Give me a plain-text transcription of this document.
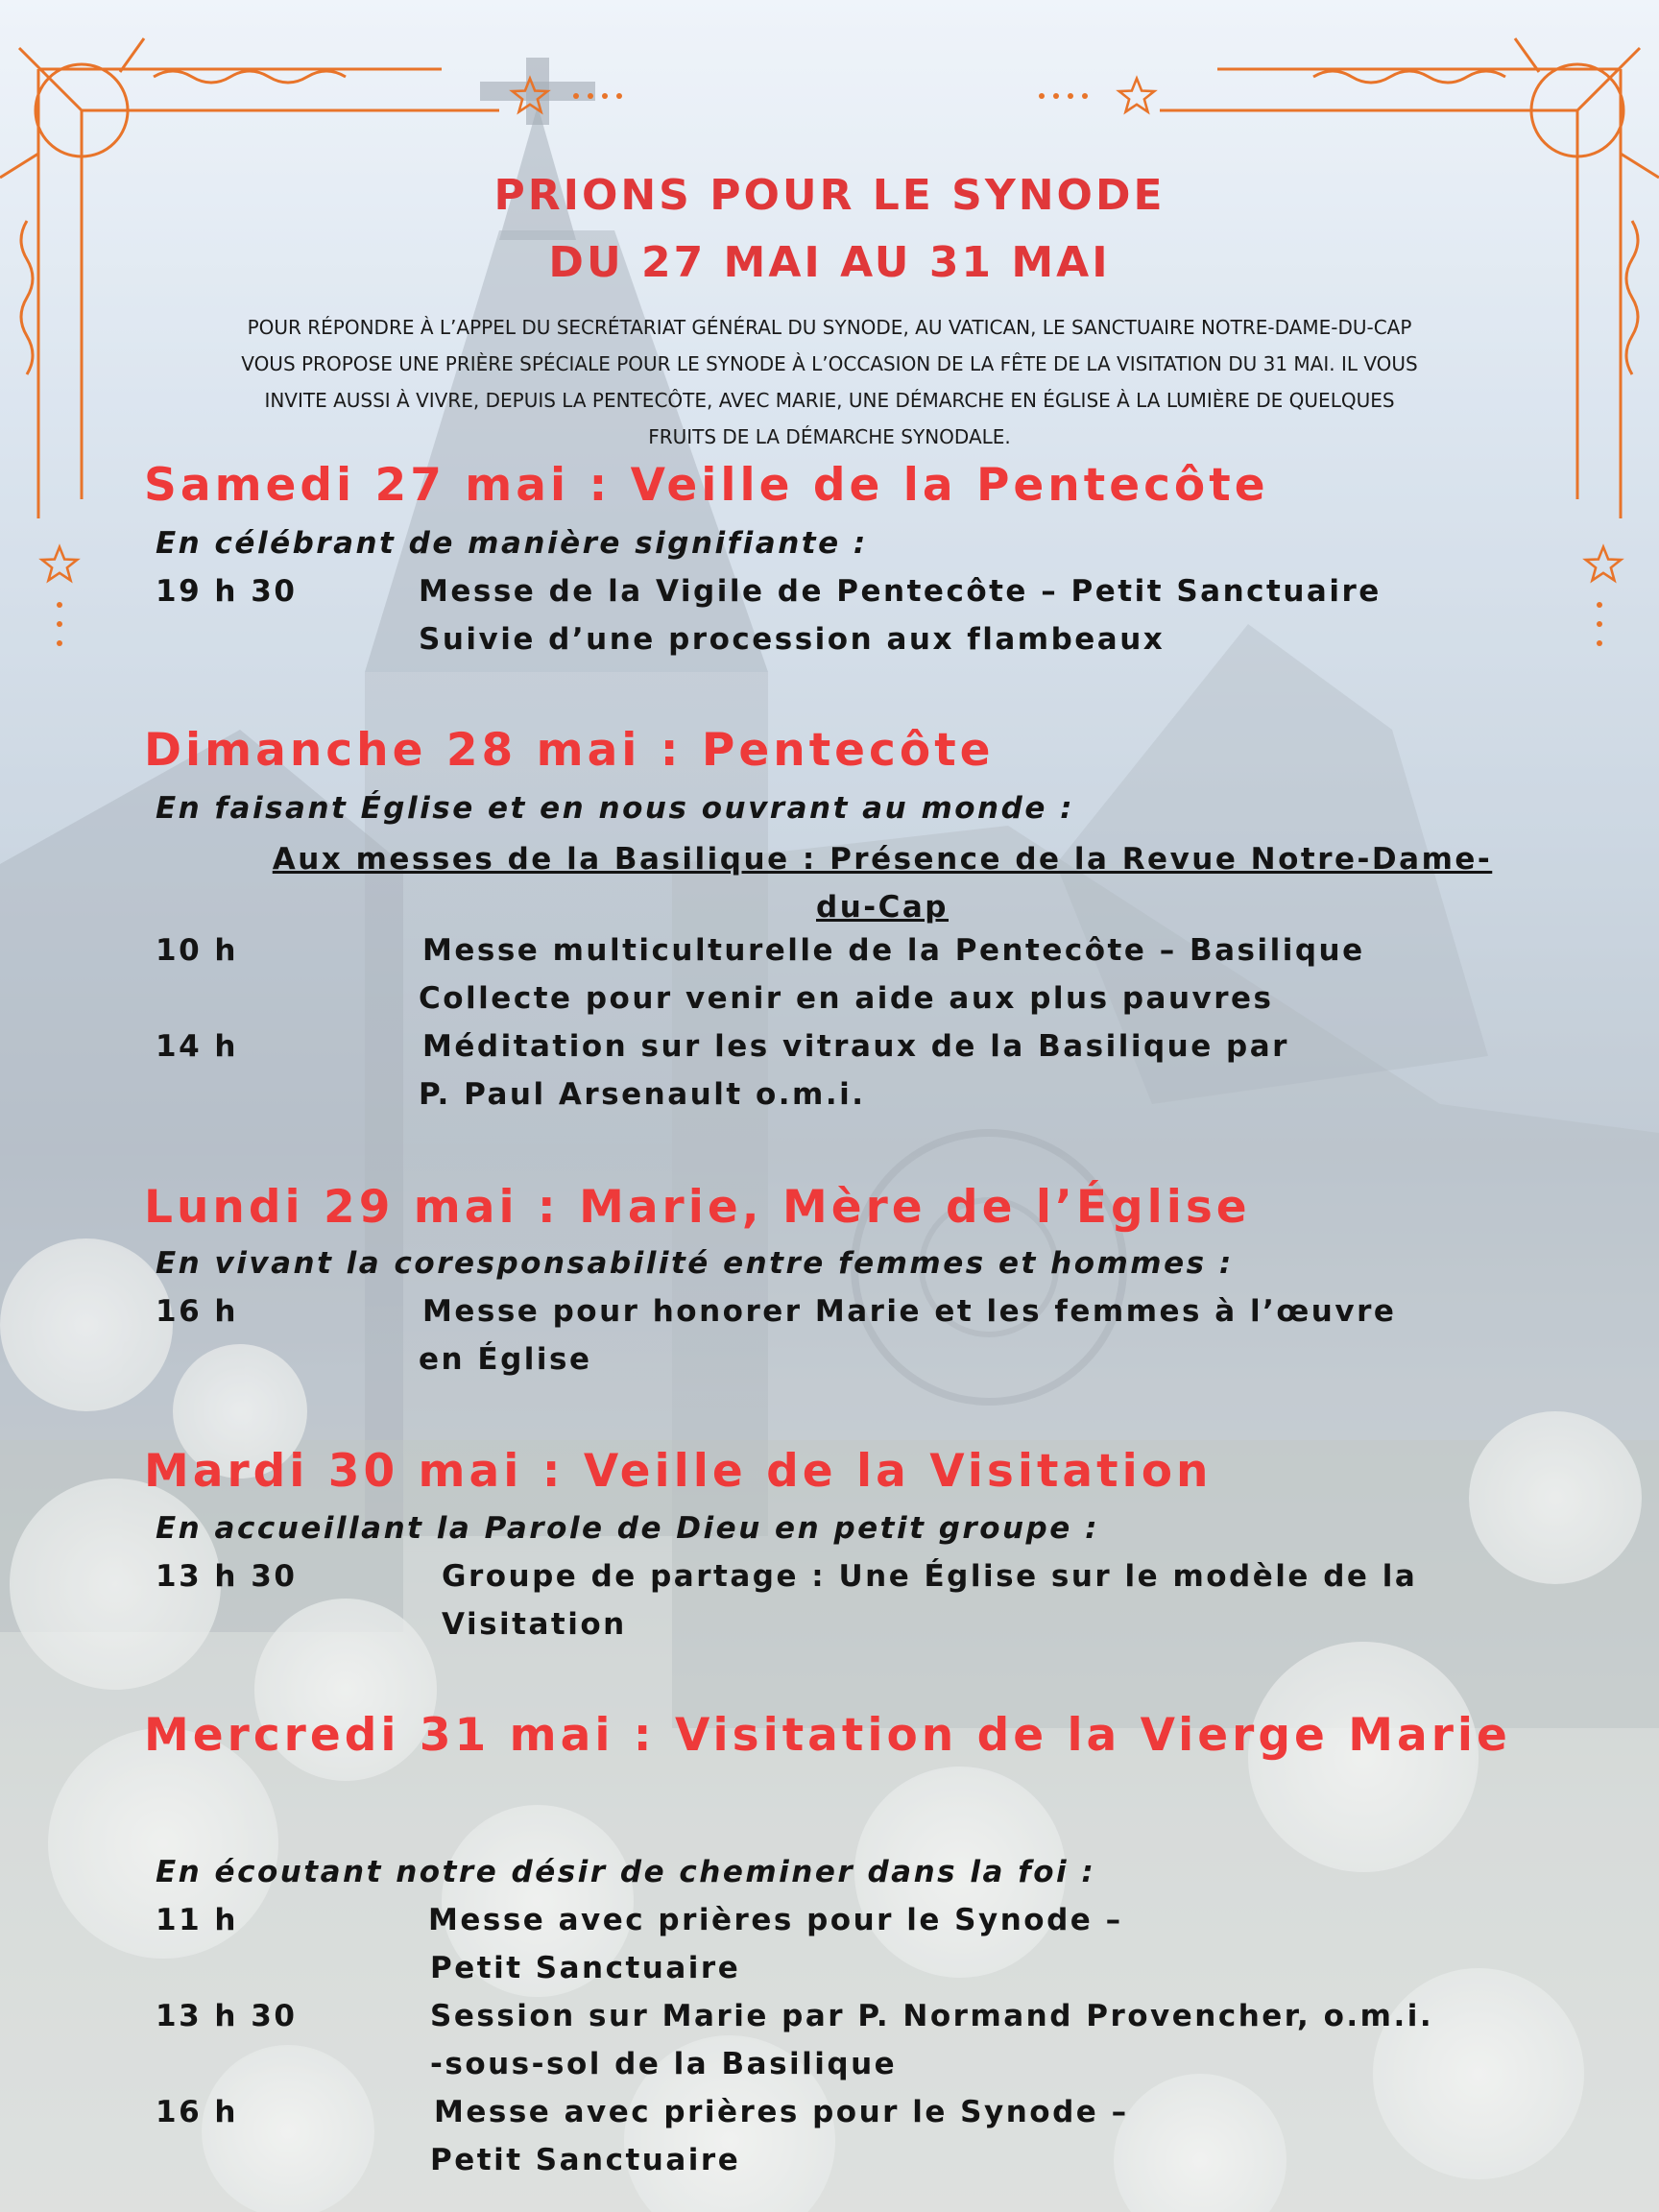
PRIONS POUR LE SYNODE

DU 27 MAI AU 31 MAI

POUR RÉPONDRE À L’APPEL DU SECRÉTARIAT GÉNÉRAL DU SYNODE, AU VATICAN, LE SANCTUAIRE NOTRE-DAME-DU-CAP
VOUS PROPOSE UNE PRIÈRE SPÉCIALE POUR LE SYNODE À L’OCCASION DE LA FÊTE DE LA VISITATION DU 31 MAI. IL VOUS
INVITE AUSSI À VIVRE, DEPUIS LA PENTECÔTE, AVEC MARIE, UNE DÉMARCHE EN ÉGLISE À LA LUMIÈRE DE QUELQUES
FRUITS DE LA DÉMARCHE SYNODALE.

Samedi 27 mai : Veille de la Pentecôte

En célébrant de manière signifiante :

19 h 30	Messe de la Vigile de Pentecôte – Petit Sanctuaire

Suivie d’une procession aux flambeaux

Dimanche 28 mai : Pentecôte

En faisant Église et en nous ouvrant au monde :

Aux messes de la Basilique : Présence de la Revue Notre-Dame-
du-Cap

10 h	Messe multiculturelle de la Pentecôte – Basilique

Collecte pour venir en aide aux plus pauvres

14 h	Méditation sur les vitraux de la Basilique par

P. Paul Arsenault o.m.i.

Lundi 29 mai : Marie, Mère de l’Église

En vivant la coresponsabilité entre femmes et hommes :

16 h	Messe pour honorer Marie et les femmes à l’œuvre

en Église

Mardi 30 mai : Veille de la Visitation

En accueillant la Parole de Dieu en petit groupe :

13 h 30	Groupe de partage : Une Église sur le modèle de la

Visitation

Mercredi 31 mai : Visitation de la Vierge Marie

En écoutant notre désir de cheminer dans la foi :

11 h	Messe avec prières pour le Synode –

Petit Sanctuaire

13 h 30	Session sur Marie par P. Normand Provencher, o.m.i.

-sous-sol de la Basilique

16 h	Messe avec prières pour le Synode –

Petit Sanctuaire
